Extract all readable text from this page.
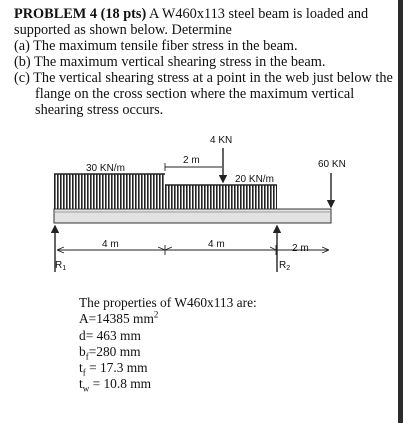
PROBLEM 4 (18 pts) A W460x113 steel beam is loaded and supported as shown below. Determine

(a) The maximum tensile fiber stress in the beam.

(b) The maximum vertical shearing stress in the beam.

(c) The vertical shearing stress at a point in the web just below the flange on the cross section where the maximum vertical shearing stress occurs.

4 KN
2 m
30 KN/m
20 KN/m
60 KN
$R_1$	$R_2$
4 m	4 m	2 m
The properties of W460x113 are:
A=14385 $mm^2$
d= 463 mm
$b_f=280$ mm
$t_f = 17.3$ mm
$t_w = 10.8$ mm
